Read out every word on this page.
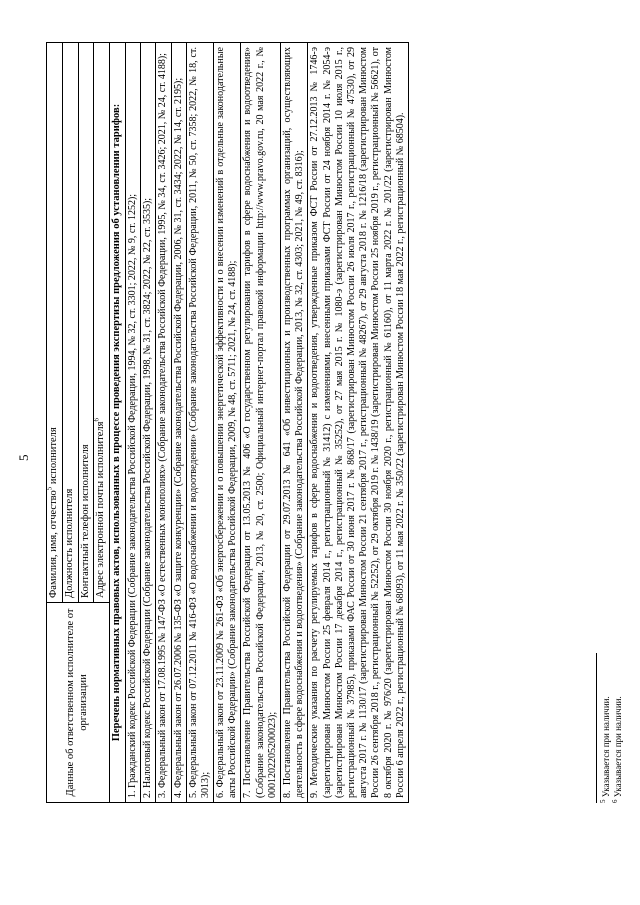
5
Данные об ответственном исполнителе от организации	Фамилия, имя, отчество$^5$ исполнителя
Должность исполнителя
Контактный телефон исполнителя
Адрес электронной почты исполнителя$^6$
Перечень нормативных правовых актов, использованных в процессе проведения экспертизы предложения об установлении тарифов:
1. Гражданский кодекс Российской Федерации (Собрание законодательства Российской Федерации, 1994, № 32, ст. 3301; 2022, № 9, ст. 1252);
2. Налоговый кодекс Российской Федерации (Собрание законодательства Российской Федерации, 1998, № 31, ст. 3824; 2022, № 22, ст. 3535);
3. Федеральный закон от 17.08.1995 № 147-ФЗ «О естественных монополиях» (Собрание законодательства Российской Федерации, 1995, № 34, ст. 3426; 2021, № 24, ст. 4188);
4. Федеральный закон от 26.07.2006 № 135-ФЗ «О защите конкуренции» (Собрание законодательства Российской Федерации, 2006, № 31, ст. 3434; 2022, № 14, ст. 2195);
5. Федеральный закон от 07.12.2011 № 416-ФЗ «О водоснабжении и водоотведении» (Собрание законодательства Российской Федерации, 2011, № 50, ст. 7358; 2022, № 18, ст. 3013);
6. Федеральный закон от 23.11.2009 № 261-ФЗ «Об энергосбережении и о повышении энергетической эффективности и о внесении изменений в отдельные законодательные акты Российской Федерации» (Собрание законодательства Российской Федерации, 2009, № 48, ст. 5711; 2021, № 24, ст. 4188);
7. Постановление Правительства Российской Федерации от 13.05.2013 № 406 «О государственном регулировании тарифов в сфере водоснабжения и водоотведения» (Собрание законодательства Российской Федерации, 2013, № 20, ст. 2500; Официальный интернет-портал правовой информации http://www.pravo.gov.ru, 20 мая 2022 г., № 0001202205200023);
8. Постановление Правительства Российской Федерации от 29.07.2013 № 641 «Об инвестиционных и производственных программах организаций, осуществляющих деятельность в сфере водоснабжения и водоотведения» (Собрание законодательства Российской Федерации, 2013, № 32, ст. 4303; 2021, № 49, ст. 8316);
9. Методические указания по расчету регулируемых тарифов в сфере водоснабжения и водоотведения, утвержденные приказом ФСТ России от 27.12.2013 № 1746-э (зарегистрирован Минюстом России 25 февраля 2014 г., регистрационный № 31412) с изменениями, внесенными приказами ФСТ России от 24 ноября 2014 г. № 2054-э (зарегистрирован Минюстом России 17 декабря 2014 г., регистрационный № 35252), от 27 мая 2015 г. № 1080-э (зарегистрирован Минюстом России 10 июля 2015 г., регистрационный № 37985), приказами ФАС России от 30 июня 2017 г. № 868/17 (зарегистрирован Минюстом России 26 июля 2017 г., регистрационный № 47530), от 29 августа 2017 г. № 1130/17 (зарегистрирован Минюстом России 21 сентября 2017 г., регистрационный № 48267), от 29 августа 2018 г. № 1216/18 (зарегистрирован Минюстом России 26 сентября 2018 г., регистрационный № 52252), от 29 октября 2019 г. № 1438/19 (зарегистрирован Минюстом России 25 ноября 2019 г., регистрационный № 56621), от 8 октября 2020 г. № 976/20 (зарегистрирован Минюстом России 30 ноября 2020 г., регистрационный № 61160), от 11 марта 2022 г. № 201/22 (зарегистрирован Минюстом России 6 апреля 2022 г., регистрационный № 68093), от 11 мая 2022 г. № 350/22 (зарегистрирован Минюстом России 18 мая 2022 г., регистрационный № 68504).
$^5$ Указывается при наличии.
$^6$ Указывается при наличии.
